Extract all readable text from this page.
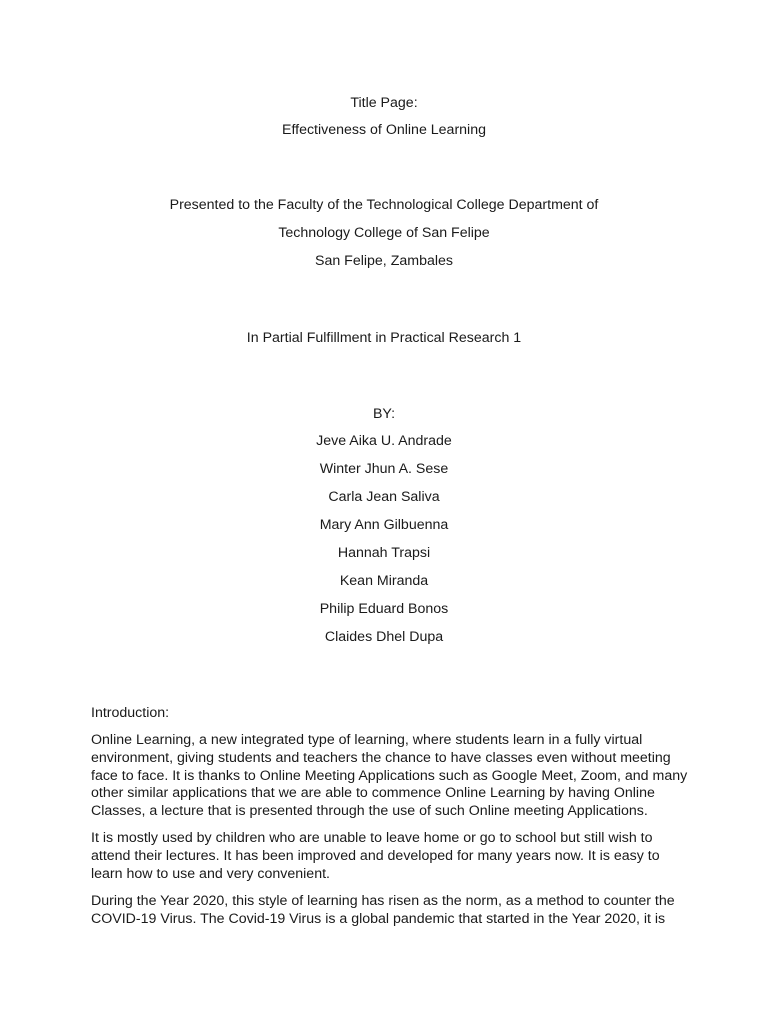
Title Page:
Effectiveness of Online Learning
Presented to the Faculty of the Technological College Department of
Technology College of San Felipe
San Felipe, Zambales
In Partial Fulfillment in Practical Research 1
BY:
Jeve Aika U. Andrade
Winter Jhun A. Sese
Carla Jean Saliva
Mary Ann Gilbuenna
Hannah Trapsi
Kean Miranda
Philip Eduard Bonos
Claides Dhel Dupa
Introduction:
Online Learning, a new integrated type of learning, where students learn in a fully virtual
environment, giving students and teachers the chance to have classes even without meeting
face to face. It is thanks to Online Meeting Applications such as Google Meet, Zoom, and many
other similar applications that we are able to commence Online Learning by having Online
Classes, a lecture that is presented through the use of such Online meeting Applications.
It is mostly used by children who are unable to leave home or go to school but still wish to
attend their lectures. It has been improved and developed for many years now. It is easy to
learn how to use and very convenient.
During the Year 2020, this style of learning has risen as the norm, as a method to counter the
COVID-19 Virus. The Covid-19 Virus is a global pandemic that started in the Year 2020, it is
